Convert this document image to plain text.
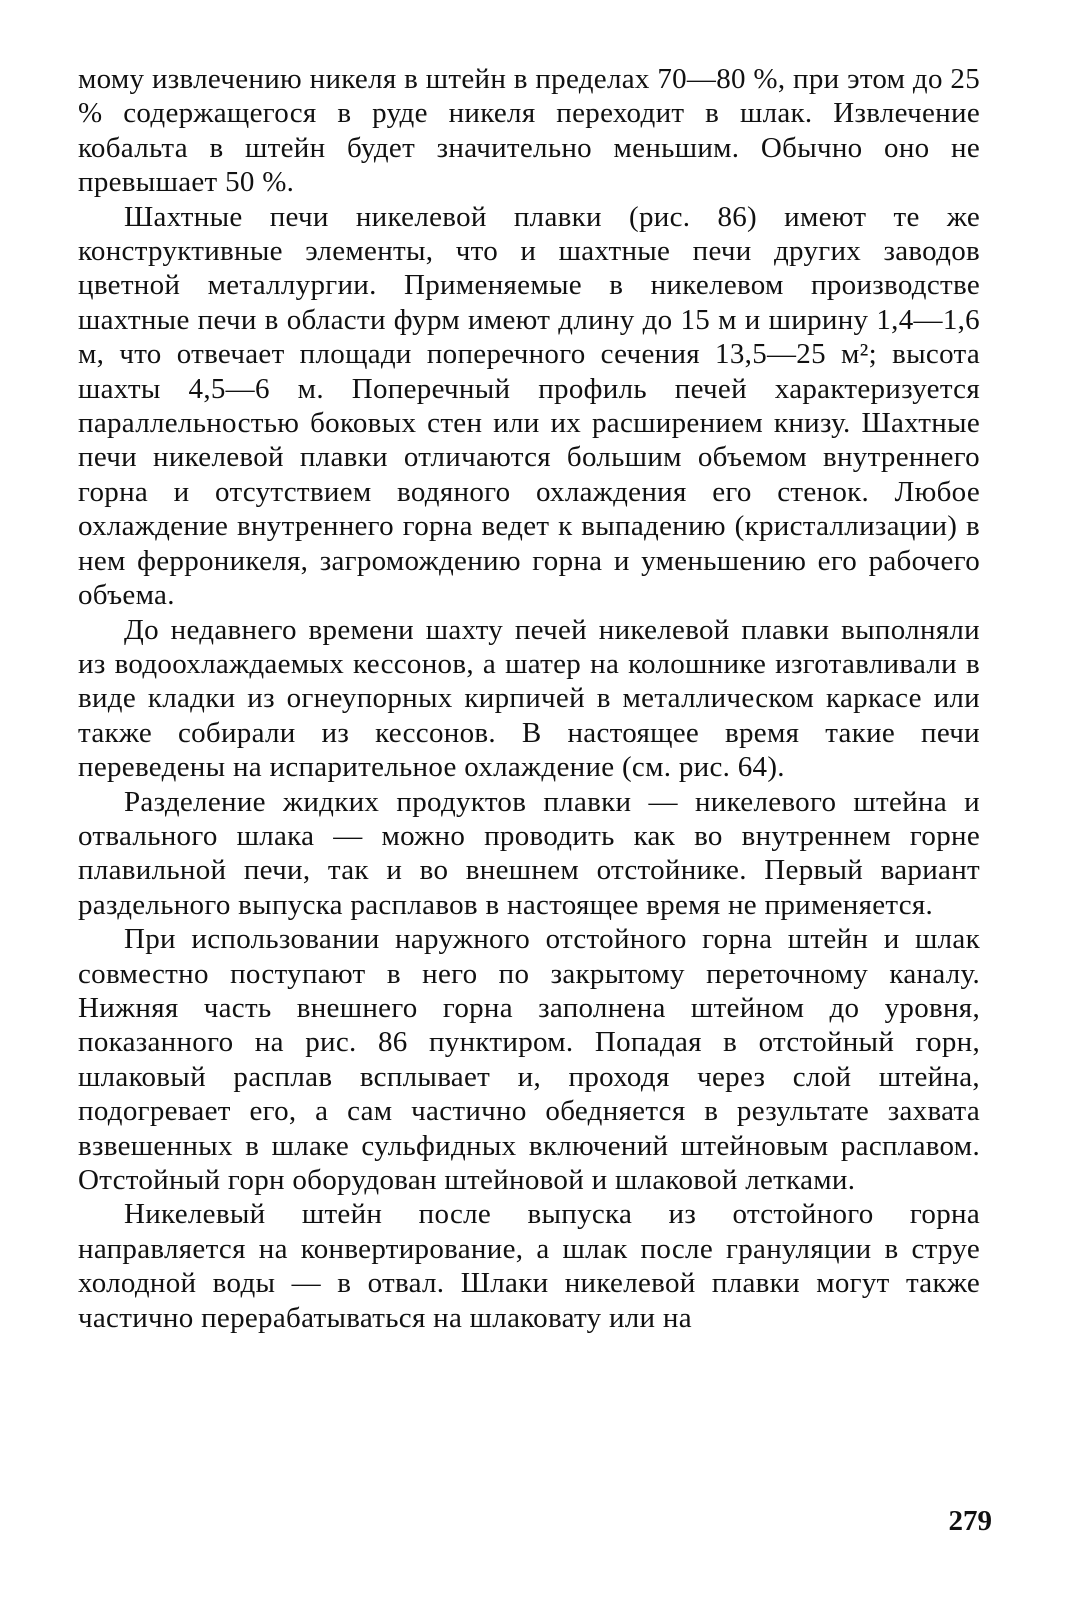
мому извлечению никеля в штейн в пределах 70—80 %, при этом до 25 % содержащегося в руде никеля переходит в шлак. Извлечение кобальта в штейн будет значительно меньшим. Обычно оно не превышает 50 %.

Шахтные печи никелевой плавки (рис. 86) имеют те же конструктивные элементы, что и шахтные печи других заводов цветной металлургии. Применяемые в никелевом производстве шахтные печи в области фурм имеют длину до 15 м и ширину 1,4—1,6 м, что отвечает площади поперечного сечения 13,5—25 м²; высота шахты 4,5—6 м. Поперечный профиль печей характеризуется параллельностью боковых стен или их расширением книзу. Шахтные печи никелевой плавки отличаются большим объемом внутреннего горна и отсутствием водяного охлаждения его стенок. Любое охлаждение внутреннего горна ведет к выпадению (кристаллизации) в нем ферроникеля, загромождению горна и уменьшению его рабочего объема.

До недавнего времени шахту печей никелевой плавки выполняли из водоохлаждаемых кессонов, а шатер на колошнике изготавливали в виде кладки из огнеупорных кирпичей в металлическом каркасе или также собирали из кессонов. В настоящее время такие печи переведены на испарительное охлаждение (см. рис. 64).

Разделение жидких продуктов плавки — никелевого штейна и отвального шлака — можно проводить как во внутреннем горне плавильной печи, так и во внешнем отстойнике. Первый вариант раздельного выпуска расплавов в настоящее время не применяется.

При использовании наружного отстойного горна штейн и шлак совместно поступают в него по закрытому переточному каналу. Нижняя часть внешнего горна заполнена штейном до уровня, показанного на рис. 86 пунктиром. Попадая в отстойный горн, шлаковый расплав всплывает и, проходя через слой штейна, подогревает его, а сам частично обедняется в результате захвата взвешенных в шлаке сульфидных включений штейновым расплавом. Отстойный горн оборудован штейновой и шлаковой летками.

Никелевый штейн после выпуска из отстойного горна направляется на конвертирование, а шлак после грануляции в струе холодной воды — в отвал. Шлаки никелевой плавки могут также частично перерабатываться на шлаковату или на

279
